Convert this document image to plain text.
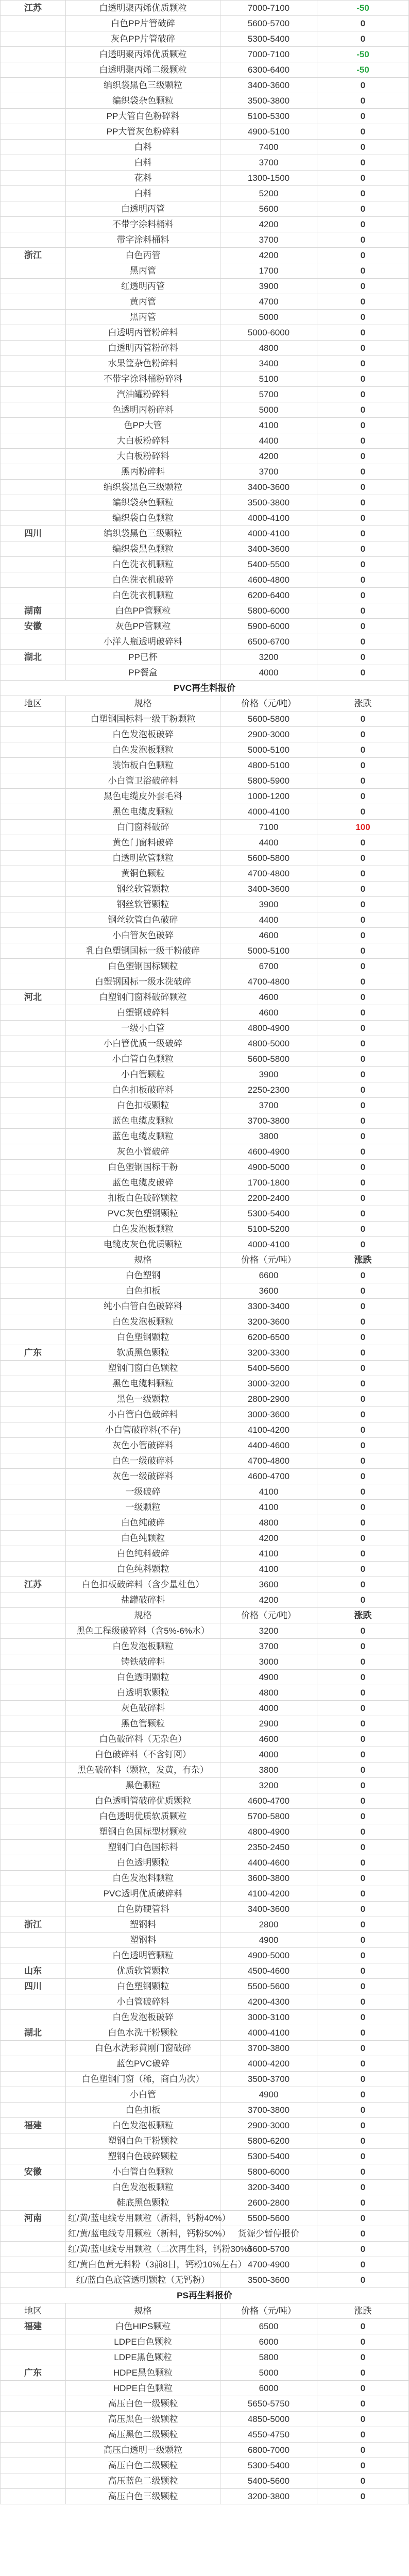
江苏	白透明聚丙烯优质颗粒	7000-7100	-50
	白色PP片管破碎	5600-5700	0
	灰色PP片管破碎	5300-5400	0
	白透明聚丙烯优质颗粒	7000-7100	-50
	白透明聚丙烯二级颗粒	6300-6400	-50
	编织袋黑色三级颗粒	3400-3600	0
	编织袋杂色颗粒	3500-3800	0
	PP大管白色粉碎料	5100-5300	0
	PP大管灰色粉碎料	4900-5100	0
	白料	7400	0
	白料	3700	0
	花料	1300-1500	0
	白料	5200	0
	白透明丙管	5600	0
	不带字涂料桶料	4200	0
	带字涂料桶料	3700	0
浙江	白色丙管	4200	0
	黑丙管	1700	0
	红透明丙管	3900	0
	黄丙管	4700	0
	黑丙管	5000	0
	白透明丙管粉碎料	5000-6000	0
	白透明丙管粉碎料	4800	0
	水果筐杂色粉碎料	3400	0
	不带字涂料桶粉碎料	5100	0
	汽油罐粉碎料	5700	0
	色透明丙粉碎料	5000	0
	色PP大管	4100	0
	大白板粉碎料	4400	0
	大白板粉碎料	4200	0
	黑丙粉碎料	3700	0
	编织袋黑色三级颗粒	3400-3600	0
	编织袋杂色颗粒	3500-3800	0
	编织袋白色颗粒	4000-4100	0
四川	编织袋黑色三级颗粒	4000-4100	0
	编织袋黑色颗粒	3400-3600	0
	白色洗衣机颗粒	5400-5500	0
	白色洗衣机破碎	4600-4800	0
	白色洗衣机颗粒	6200-6400	0
湖南	白色PP管颗粒	5800-6000	0
安徽	灰色PP管颗粒	5900-6000	0
	小洋人瓶透明破碎料	6500-6700	0
湖北	PP已杯	3200	0
	PP餐盒	4000	0
PVC再生料报价			
地区	规格	价格（元/吨）	涨跌
	白塑钢国标料一级干粉颗粒	5600-5800	0
	白色发泡板破碎	2900-3000	0
	白色发泡板颗粒	5000-5100	0
	装饰板白色颗粒	4800-5100	0
	小白管卫浴破碎料	5800-5900	0
	黑色电缆皮外套毛料	1000-1200	0
	黑色电缆皮颗粒	4000-4100	0
	白门窗料破碎	7100	100
	黄色门窗料破碎	4400	0
	白透明软管颗粒	5600-5800	0
	黄铜色颗粒	4700-4800	0
	钢丝软管颗粒	3400-3600	0
	钢丝软管颗粒	3900	0
	钢丝软管白色破碎	4400	0
	小白管灰色破碎	4600	0
	乳白色塑钢国标一级干粉破碎	5000-5100	0
	白色塑钢国标颗粒	6700	0
	白塑钢国标一级水洗破碎	4700-4800	0
河北	白塑钢门窗料破碎颗粒	4600	0
	白塑钢破碎料	4600	0
	一级小白管	4800-4900	0
	小白管优质一级破碎	4800-5000	0
	小白管白色颗粒	5600-5800	0
	小白管颗粒	3900	0
	白色扣板破碎料	2250-2300	0
	白色扣板颗粒	3700	0
	蓝色电缆皮颗粒	3700-3800	0
	蓝色电缆皮颗粒	3800	0
	灰色小管破碎	4600-4900	0
	白色塑钢国标干粉	4900-5000	0
	蓝色电缆皮破碎	1700-1800	0
	扣板白色破碎颗粒	2200-2400	0
	PVC灰色塑钢颗粒	5300-5400	0
	白色发泡板颗粒	5100-5200	0
	电缆皮灰色优质颗粒	4000-4100	0
	规格	价格（元/吨）	涨跌
	白色塑钢	6600	0
	白色扣板	3600	0
	纯小白管白色破碎料	3300-3400	0
	白色发泡板颗粒	3200-3600	0
	白色塑钢颗粒	6200-6500	0
广东	软质黑色颗粒	3200-3300	0
	塑钢门窗白色颗粒	5400-5600	0
	黑色电缆料颗粒	3000-3200	0
	黑色一级颗粒	2800-2900	0
	小白管白色破碎料	3000-3600	0
	小白管破碎料(不存)	4100-4200	0
	灰色小管破碎料	4400-4600	0
	白色一级破碎料	4700-4800	0
	灰色一级破碎料	4600-4700	0
	一级破碎	4100	0
	一级颗粒	4100	0
	白色纯破碎	4800	0
	白色纯颗粒	4200	0
	白色纯料破碎	4100	0
	白色纯料颗粒	4100	0
江苏	白色扣板破碎料（含少量杜色）	3600	0
	盐罐破碎料	4200	0
	规格	价格（元/吨）	涨跌
	黑色工程级破碎料（含5%-6%水）	3200	0
	白色发泡板颗粒	3700	0
	铸铁破碎料	3000	0
	白色透明颗粒	4900	0
	白透明软颗粒	4800	0
	灰色破碎料	4000	0
	黑色管颗粒	2900	0
	白色破碎料（无杂色）	4600	0
	白色破碎料（不含钉网）	4000	0
	黑色破碎料（颗粒，发黄，有杂）	3800	0
	黑色颗粒	3200	0
	白色透明管破碎优质颗粒	4600-4700	0
	白色透明优质软质颗粒	5700-5800	0
	塑钢白色国标型材颗粒	4800-4900	0
	塑钢门白色国标料	2350-2450	0
	白色透明颗粒	4400-4600	0
	白色发泡料颗粒	3600-3800	0
	PVC透明优质破碎料	4100-4200	0
	白色防硬管料	3400-3600	0
浙江	塑钢料	2800	0
	塑钢料	4900	0
	白色透明管颗粒	4900-5000	0
山东	优质软管颗粒	4500-4600	0
四川	白色塑钢颗粒	5500-5600	0
	小白管破碎料	4200-4300	0
	白色发泡板破碎	3000-3100	0
湖北	白色水洗干粉颗粒	4000-4100	0
	白色水洗彩黄刚门窗破碎	3700-3800	0
	蓝色PVC破碎	4000-4200	0
	白色塑钢门窗（稀，商白为次）	3500-3700	0
	小白管	4900	0
	白色扣板	3700-3800	0
福建	白色发泡板颗粒	2900-3000	0
	塑钢白色干粉颗粒	5800-6200	0
	塑钢白色破碎颗粒	5300-5400	0
安徽	小白管白色颗粒	5800-6000	0
	白色发泡板颗粒	3200-3400	0
	鞋底黑色颗粒	2600-2800	0
河南	红/黄/蓝电线专用颗粒（新料，钙粉40%）	5500-5600	0
	红/黄/蓝电线专用颗粒（新料，钙粉50%）	货源少暂停报价	0
	红/黄/蓝电线专用颗粒（二次再生料，钙粉30%）	5600-5700	0
	红/黄白色黄无料粉（3前8日，钙粉10%左右）	4700-4900	0
	红/蓝白色底管透明颗粒（无钙粉）	3500-3600	0
PS再生料报价			
地区	规格	价格（元/吨）	涨跌
福建	白色HIPS颗粒	6500	0
	LDPE白色颗粒	6000	0
	LDPE黑色颗粒	5800	0
广东	HDPE黑色颗粒	5000	0
	HDPE白色颗粒	6000	0
	高压白色一级颗粒	5650-5750	0
	高压黑色一级颗粒	4850-5000	0
	高压黑色二级颗粒	4550-4750	0
	高压白透明一级颗粒	6800-7000	0
	高压白色二级颗粒	5300-5400	0
	高压蓝色二级颗粒	5400-5600	0
	高压白色三级颗粒	3200-3800	0
